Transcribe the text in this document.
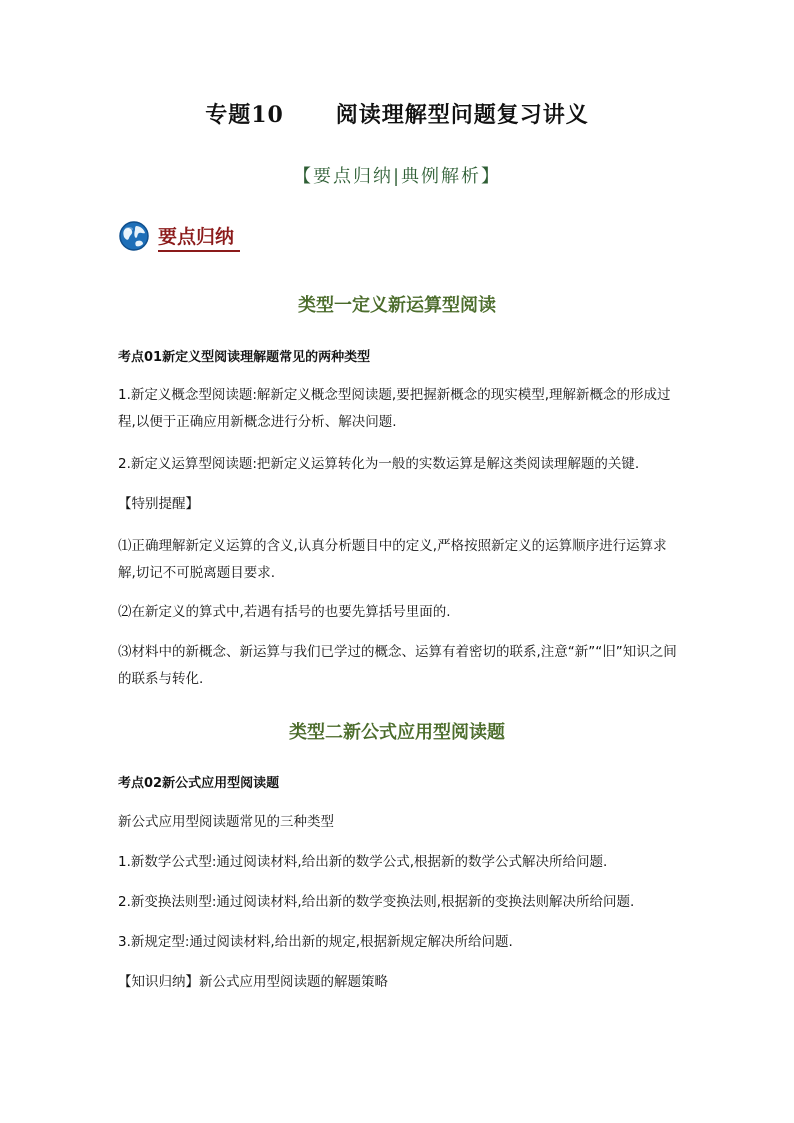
专题10      阅读理解型问题复习讲义
【要点归纳|典例解析】
要点归纳
类型一定义新运算型阅读
考点01新定义型阅读理解题常见的两种类型
1.新定义概念型阅读题:解新定义概念型阅读题,要把握新概念的现实模型,理解新概念的形成过程,以便于正确应用新概念进行分析、解决问题.
2.新定义运算型阅读题:把新定义运算转化为一般的实数运算是解这类阅读理解题的关键.
【特别提醒】
⑴正确理解新定义运算的含义,认真分析题目中的定义,严格按照新定义的运算顺序进行运算求解,切记不可脱离题目要求.
⑵在新定义的算式中,若遇有括号的也要先算括号里面的.
⑶材料中的新概念、新运算与我们已学过的概念、运算有着密切的联系,注意“新”“旧”知识之间的联系与转化.
类型二新公式应用型阅读题
考点02新公式应用型阅读题
新公式应用型阅读题常见的三种类型
1.新数学公式型:通过阅读材料,给出新的数学公式,根据新的数学公式解决所给问题.
2.新变换法则型:通过阅读材料,给出新的数学变换法则,根据新的变换法则解决所给问题.
3.新规定型:通过阅读材料,给出新的规定,根据新规定解决所给问题.
【知识归纳】新公式应用型阅读题的解题策略
